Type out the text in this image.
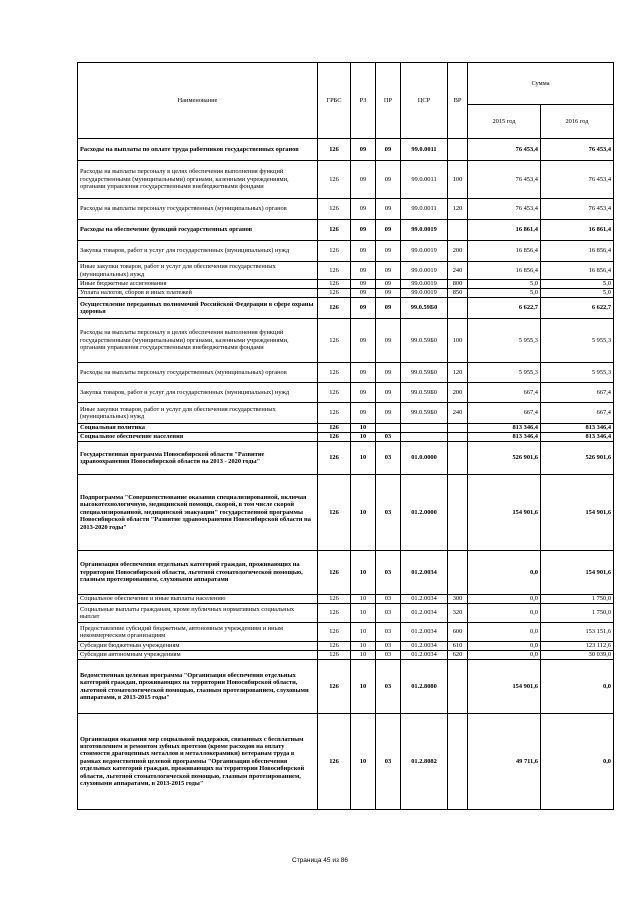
Наименование	ГРБС	РЗ	ПР	ЦСР	ВР	Сумма	
						2015 год	2016 год
Расходы на выплаты по оплате труда работников государственных органов	126	09	09	99.0.0011		76 453,4	76 453,4
Расходы на выплаты персоналу в целях обеспечения выполнения функций государственными (муниципальными) органами, казенными учреждениями, органами управления государственными внебюджетными фондами	126	09	09	99.0.0011	100	76 453,4	76 453,4
Расходы на выплаты персоналу государственных (муниципальных) органов	126	09	09	99.0.0011	120	76 453,4	76 453,4
Расходы на обеспечение функций государственных органов	126	09	09	99.0.0019		16 861,4	16 861,4
Закупка товаров, работ и услуг для государственных (муниципальных) нужд	126	09	09	99.0.0019	200	16 856,4	16 856,4
Иные закупки товаров, работ и услуг для обеспечения государственных (муниципальных) нужд	126	09	09	99.0.0019	240	16 856,4	16 856,4
Иные бюджетные ассигнования	126	09	09	99.0.0019	800	5,0	5,0
Уплата налогов, сборов и иных платежей	126	09	09	99.0.0019	850	5,0	5,0
Осуществление переданных полномочий Российской Федерации в сфере охраны здоровья	126	09	09	99.0.59Б0		6 622,7	6 622,7
Расходы на выплаты персоналу в целях обеспечения выполнения функций государственными (муниципальными) органами, казенными учреждениями, органами управления государственными внебюджетными фондами	126	09	09	99.0.59Б0	100	5 955,3	5 955,3
Расходы на выплаты персоналу государственных (муниципальных) органов	126	09	09	99.0.59Б0	120	5 955,3	5 955,3
Закупка товаров, работ и услуг для государственных (муниципальных) нужд	126	09	09	99.0.59Б0	200	667,4	667,4
Иные закупки товаров, работ и услуг для обеспечения государственных (муниципальных) нужд	126	09	09	99.0.59Б0	240	667,4	667,4
Социальная политика	126	10				813 346,4	813 346,4
Социальное обеспечение населения	126	10	03			813 346,4	813 346,4
Государственная программа Новосибирской области "Развитие здравоохранения Новосибирской области на 2013 - 2020 годы"	126	10	03	01.0.0000		526 901,6	526 901,6
Подпрограмма "Совершенствование оказания специализированной, включая высокотехнологичную, медицинской помощи, скорой, в том числе скорой специализированной, медицинской эвакуации" государственной программы Новосибирской области "Развитие здравоохранения Новосибирской области на 2013-2020 годы"	126	10	03	01.2.0000		154 901,6	154 901,6
Организация обеспечения отдельных категорий граждан, проживающих на территории Новосибирской области, льготной стоматологической помощью, глазным протезированием, слуховыми аппаратами	126	10	03	01.2.0034		0,0	154 901,6
Социальное обеспечение и иные выплаты населению	126	10	03	01.2.0034	300	0,0	1 750,0
Социальные выплаты гражданам, кроме публичных нормативных социальных выплат	126	10	03	01.2.0034	320	0,0	1 750,0
Предоставление субсидий бюджетным, автономным учреждениям и иным некоммерческим организациям	126	10	03	01.2.0034	600	0,0	153 151,6
Субсидии бюджетным учреждениям	126	10	03	01.2.0034	610	0,0	123 112,6
Субсидии автономным учреждениям	126	10	03	01.2.0034	620	0,0	30 039,0
Ведомственная целевая программа "Организация обеспечения отдельных категорий граждан, проживающих на территории Новосибирской области, льготной стоматологической помощью, глазным протезированием, слуховыми аппаратами, в 2013-2015 годы"	126	10	03	01.2.8080		154 901,6	0,0
Организация оказания мер социальной поддержки, связанных с бесплатным изготовлением и ремонтом зубных протезов (кроме расходов на оплату стоимости драгоценных металлов и металлокерамики) ветеранам труда в рамках ведомственной целевой программы "Организация обеспечения отдельных категорий граждан, проживающих на территории Новосибирской области, льготной стоматологической помощью, глазным протезированием, слуховыми аппаратами, в 2013-2015 годы"	126	10	03	01.2.8082		49 711,6	0,0
Страница 45 из 86
